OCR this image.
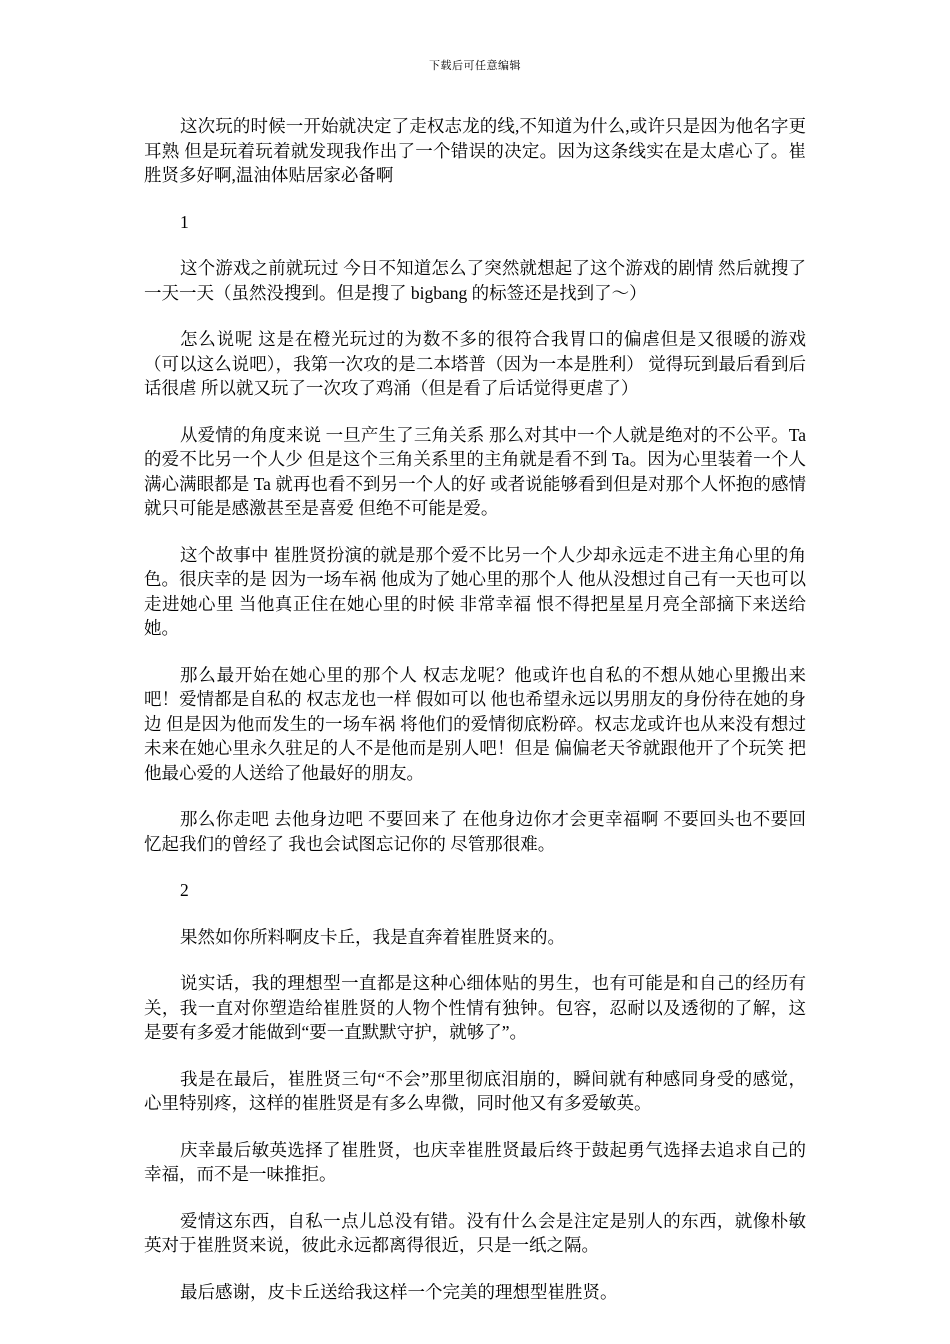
下载后可任意编辑

这次玩的时候一开始就决定了走权志龙的线,不知道为什么,或许只是因为他名字更耳熟 但是玩着玩着就发现我作出了一个错误的决定。因为这条线实在是太虐心了。崔胜贤多好啊,温油体贴居家必备啊

1

这个游戏之前就玩过 今日不知道怎么了突然就想起了这个游戏的剧情 然后就搜了一天一天（虽然没搜到。但是搜了 bigbang 的标签还是找到了～）

怎么说呢 这是在橙光玩过的为数不多的很符合我胃口的偏虐但是又很暖的游戏（可以这么说吧），我第一次攻的是二本塔普（因为一本是胜利） 觉得玩到最后看到后话很虐 所以就又玩了一次攻了鸡涌（但是看了后话觉得更虐了）

从爱情的角度来说 一旦产生了三角关系 那么对其中一个人就是绝对的不公平。Ta 的爱不比另一个人少 但是这个三角关系里的主角就是看不到 Ta。因为心里装着一个人 满心满眼都是 Ta 就再也看不到另一个人的好 或者说能够看到但是对那个人怀抱的感情就只可能是感激甚至是喜爱 但绝不可能是爱。

这个故事中 崔胜贤扮演的就是那个爱不比另一个人少却永远走不进主角心里的角色。很庆幸的是 因为一场车祸 他成为了她心里的那个人 他从没想过自己有一天也可以走进她心里 当他真正住在她心里的时候 非常幸福 恨不得把星星月亮全部摘下来送给她。

那么最开始在她心里的那个人 权志龙呢？他或许也自私的不想从她心里搬出来吧！爱情都是自私的 权志龙也一样 假如可以 他也希望永远以男朋友的身份待在她的身边 但是因为他而发生的一场车祸 将他们的爱情彻底粉碎。权志龙或许也从来没有想过未来在她心里永久驻足的人不是他而是别人吧！但是 偏偏老天爷就跟他开了个玩笑 把他最心爱的人送给了他最好的朋友。

那么你走吧 去他身边吧 不要回来了 在他身边你才会更幸福啊 不要回头也不要回忆起我们的曾经了 我也会试图忘记你的 尽管那很难。

2

果然如你所料啊皮卡丘，我是直奔着崔胜贤来的。

说实话，我的理想型一直都是这种心细体贴的男生，也有可能是和自己的经历有关，我一直对你塑造给崔胜贤的人物个性情有独钟。包容，忍耐以及透彻的了解，这是要有多爱才能做到“要一直默默守护，就够了”。

我是在最后，崔胜贤三句“不会”那里彻底泪崩的，瞬间就有种感同身受的感觉，心里特别疼，这样的崔胜贤是有多么卑微，同时他又有多爱敏英。

庆幸最后敏英选择了崔胜贤，也庆幸崔胜贤最后终于鼓起勇气选择去追求自己的幸福，而不是一味推拒。

爱情这东西，自私一点儿总没有错。没有什么会是注定是别人的东西，就像朴敏英对于崔胜贤来说，彼此永远都离得很近，只是一纸之隔。

最后感谢，皮卡丘送给我这样一个完美的理想型崔胜贤。
